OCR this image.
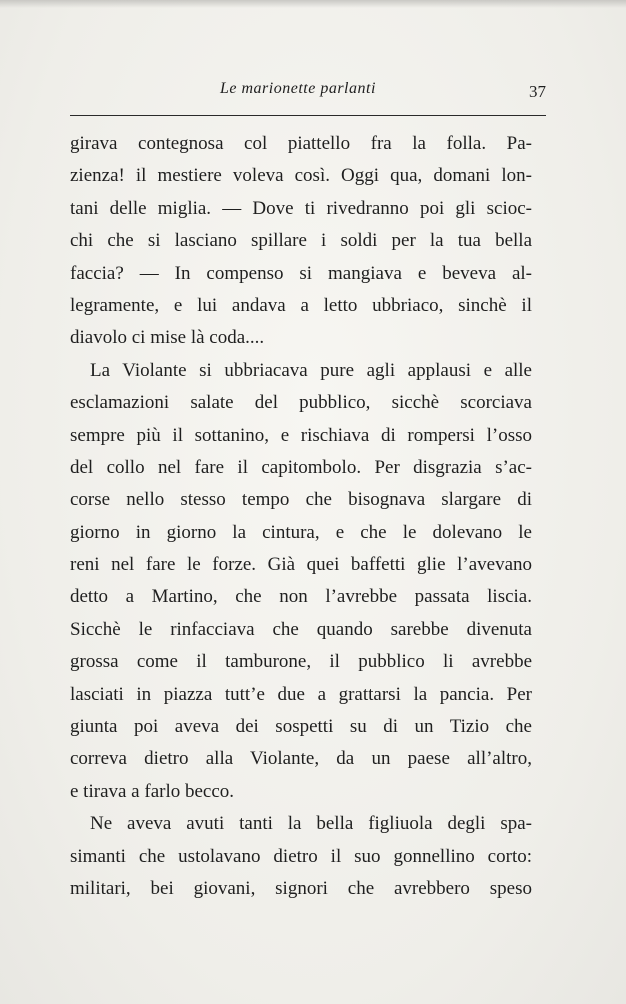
Le marionette parlanti	37
girava contegnosa col piattello fra la folla. Pa-
zienza! il mestiere voleva così. Oggi qua, domani lon-
tani delle miglia. — Dove ti rivedranno poi gli scioc-
chi che si lasciano spillare i soldi per la tua bella
faccia? — In compenso si mangiava e beveva al-
legramente, e lui andava a letto ubbriaco, sinchè il
diavolo ci mise là coda....
La Violante si ubbriacava pure agli applausi e alle
esclamazioni salate del pubblico, sicchè scorciava
sempre più il sottanino, e rischiava di rompersi l’osso
del collo nel fare il capitombolo. Per disgrazia s’ac-
corse nello stesso tempo che bisognava slargare di
giorno in giorno la cintura, e che le dolevano le
reni nel fare le forze. Già quei baffetti glie l’avevano
detto a Martino, che non l’avrebbe passata liscia.
Sicchè le rinfacciava che quando sarebbe divenuta
grossa come il tamburone, il pubblico li avrebbe
lasciati in piazza tutt’e due a grattarsi la pancia. Per
giunta poi aveva dei sospetti su di un Tizio che
correva dietro alla Violante, da un paese all’altro,
e tirava a farlo becco.
Ne aveva avuti tanti la bella figliuola degli spa-
simanti che ustolavano dietro il suo gonnellino corto:
militari, bei giovani, signori che avrebbero speso
